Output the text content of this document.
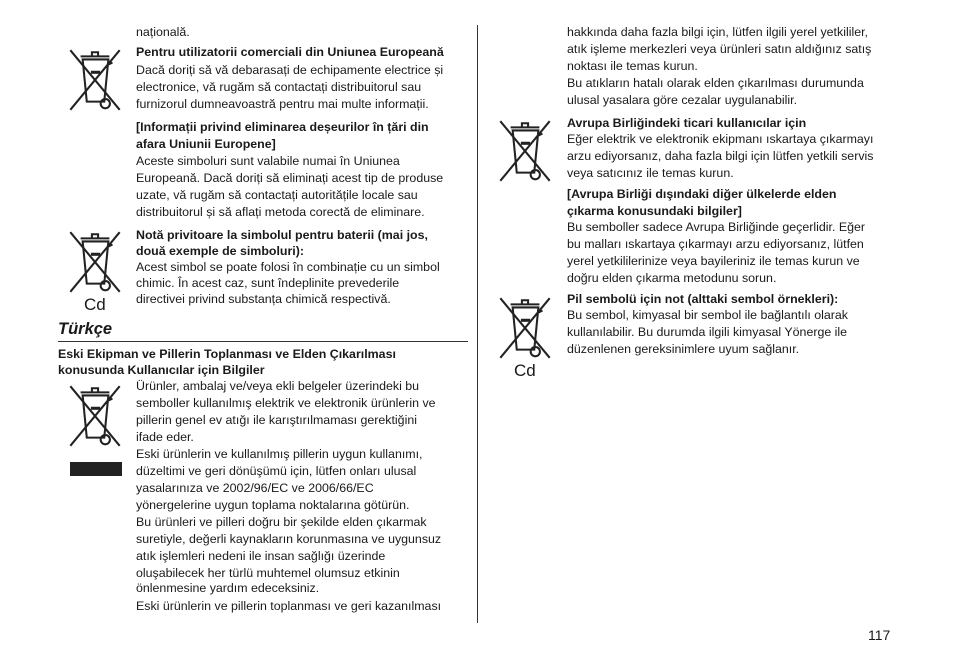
națională.
Pentru utilizatorii comerciali din Uniunea Europeană
Dacă doriți să vă debarasați de echipamente electrice și
electronice, vă rugăm să contactați distribuitorul sau
furnizorul dumneavoastră pentru mai multe informații.
[Informații privind eliminarea deșeurilor în țări din
afara Uniunii Europene]
Aceste simboluri sunt valabile numai în Uniunea
Europeană. Dacă doriți să eliminați acest tip de produse
uzate, vă rugăm să contactați autoritățile locale sau
distribuitorul și să aflați metoda corectă de eliminare.
Cd
Notă privitoare la simbolul pentru baterii (mai jos,
două exemple de simboluri):
Acest simbol se poate folosi în combinație cu un simbol
chimic. În acest caz, sunt îndeplinite prevederile
directivei privind substanța chimică respectivă.
Türkçe
Eski Ekipman ve Pillerin Toplanması ve Elden Çıkarılması
konusunda Kullanıcılar için Bilgiler
Ürünler, ambalaj ve/veya ekli belgeler üzerindeki bu
semboller kullanılmış elektrik ve elektronik ürünlerin ve
pillerin genel ev atığı ile karıştırılmaması gerektiğini
ifade eder.
Eski ürünlerin ve kullanılmış pillerin uygun kullanımı,
düzeltimi ve geri dönüşümü için, lütfen onları ulusal
yasalarınıza ve 2002/96/EC ve 2006/66/EC
yönergelerine uygun toplama noktalarına götürün.
Bu ürünleri ve pilleri doğru bir şekilde elden çıkarmak
suretiyle, değerli kaynakların korunmasına ve uygunsuz
atık işlemleri nedeni ile insan sağlığı üzerinde
oluşabilecek her türlü muhtemel olumsuz etkinin
önlenmesine yardım edeceksiniz.
Eski ürünlerin ve pillerin toplanması ve geri kazanılması
hakkında daha fazla bilgi için, lütfen ilgili yerel yetkililer,
atık işleme merkezleri veya ürünleri satın aldığınız satış
noktası ile temas kurun.
Bu atıkların hatalı olarak elden çıkarılması durumunda
ulusal yasalara göre cezalar uygulanabilir.
Avrupa Birliğindeki ticari kullanıcılar için
Eğer elektrik ve elektronik ekipmanı ıskartaya çıkarmayı
arzu ediyorsanız, daha fazla bilgi için lütfen yetkili servis
veya satıcınız ile temas kurun.
[Avrupa Birliği dışındaki diğer ülkelerde elden
çıkarma konusundaki bilgiler]
Bu semboller sadece Avrupa Birliğinde geçerlidir. Eğer
bu malları ıskartaya çıkarmayı arzu ediyorsanız, lütfen
yerel yetkililerinize veya bayileriniz ile temas kurun ve
doğru elden çıkarma metodunu sorun.
Cd
Pil sembolü için not (alttaki sembol örnekleri):
Bu sembol, kimyasal bir sembol ile bağlantılı olarak
kullanılabilir. Bu durumda ilgili kimyasal Yönerge ile
düzenlenen gereksinimlere uyum sağlanır.
117
